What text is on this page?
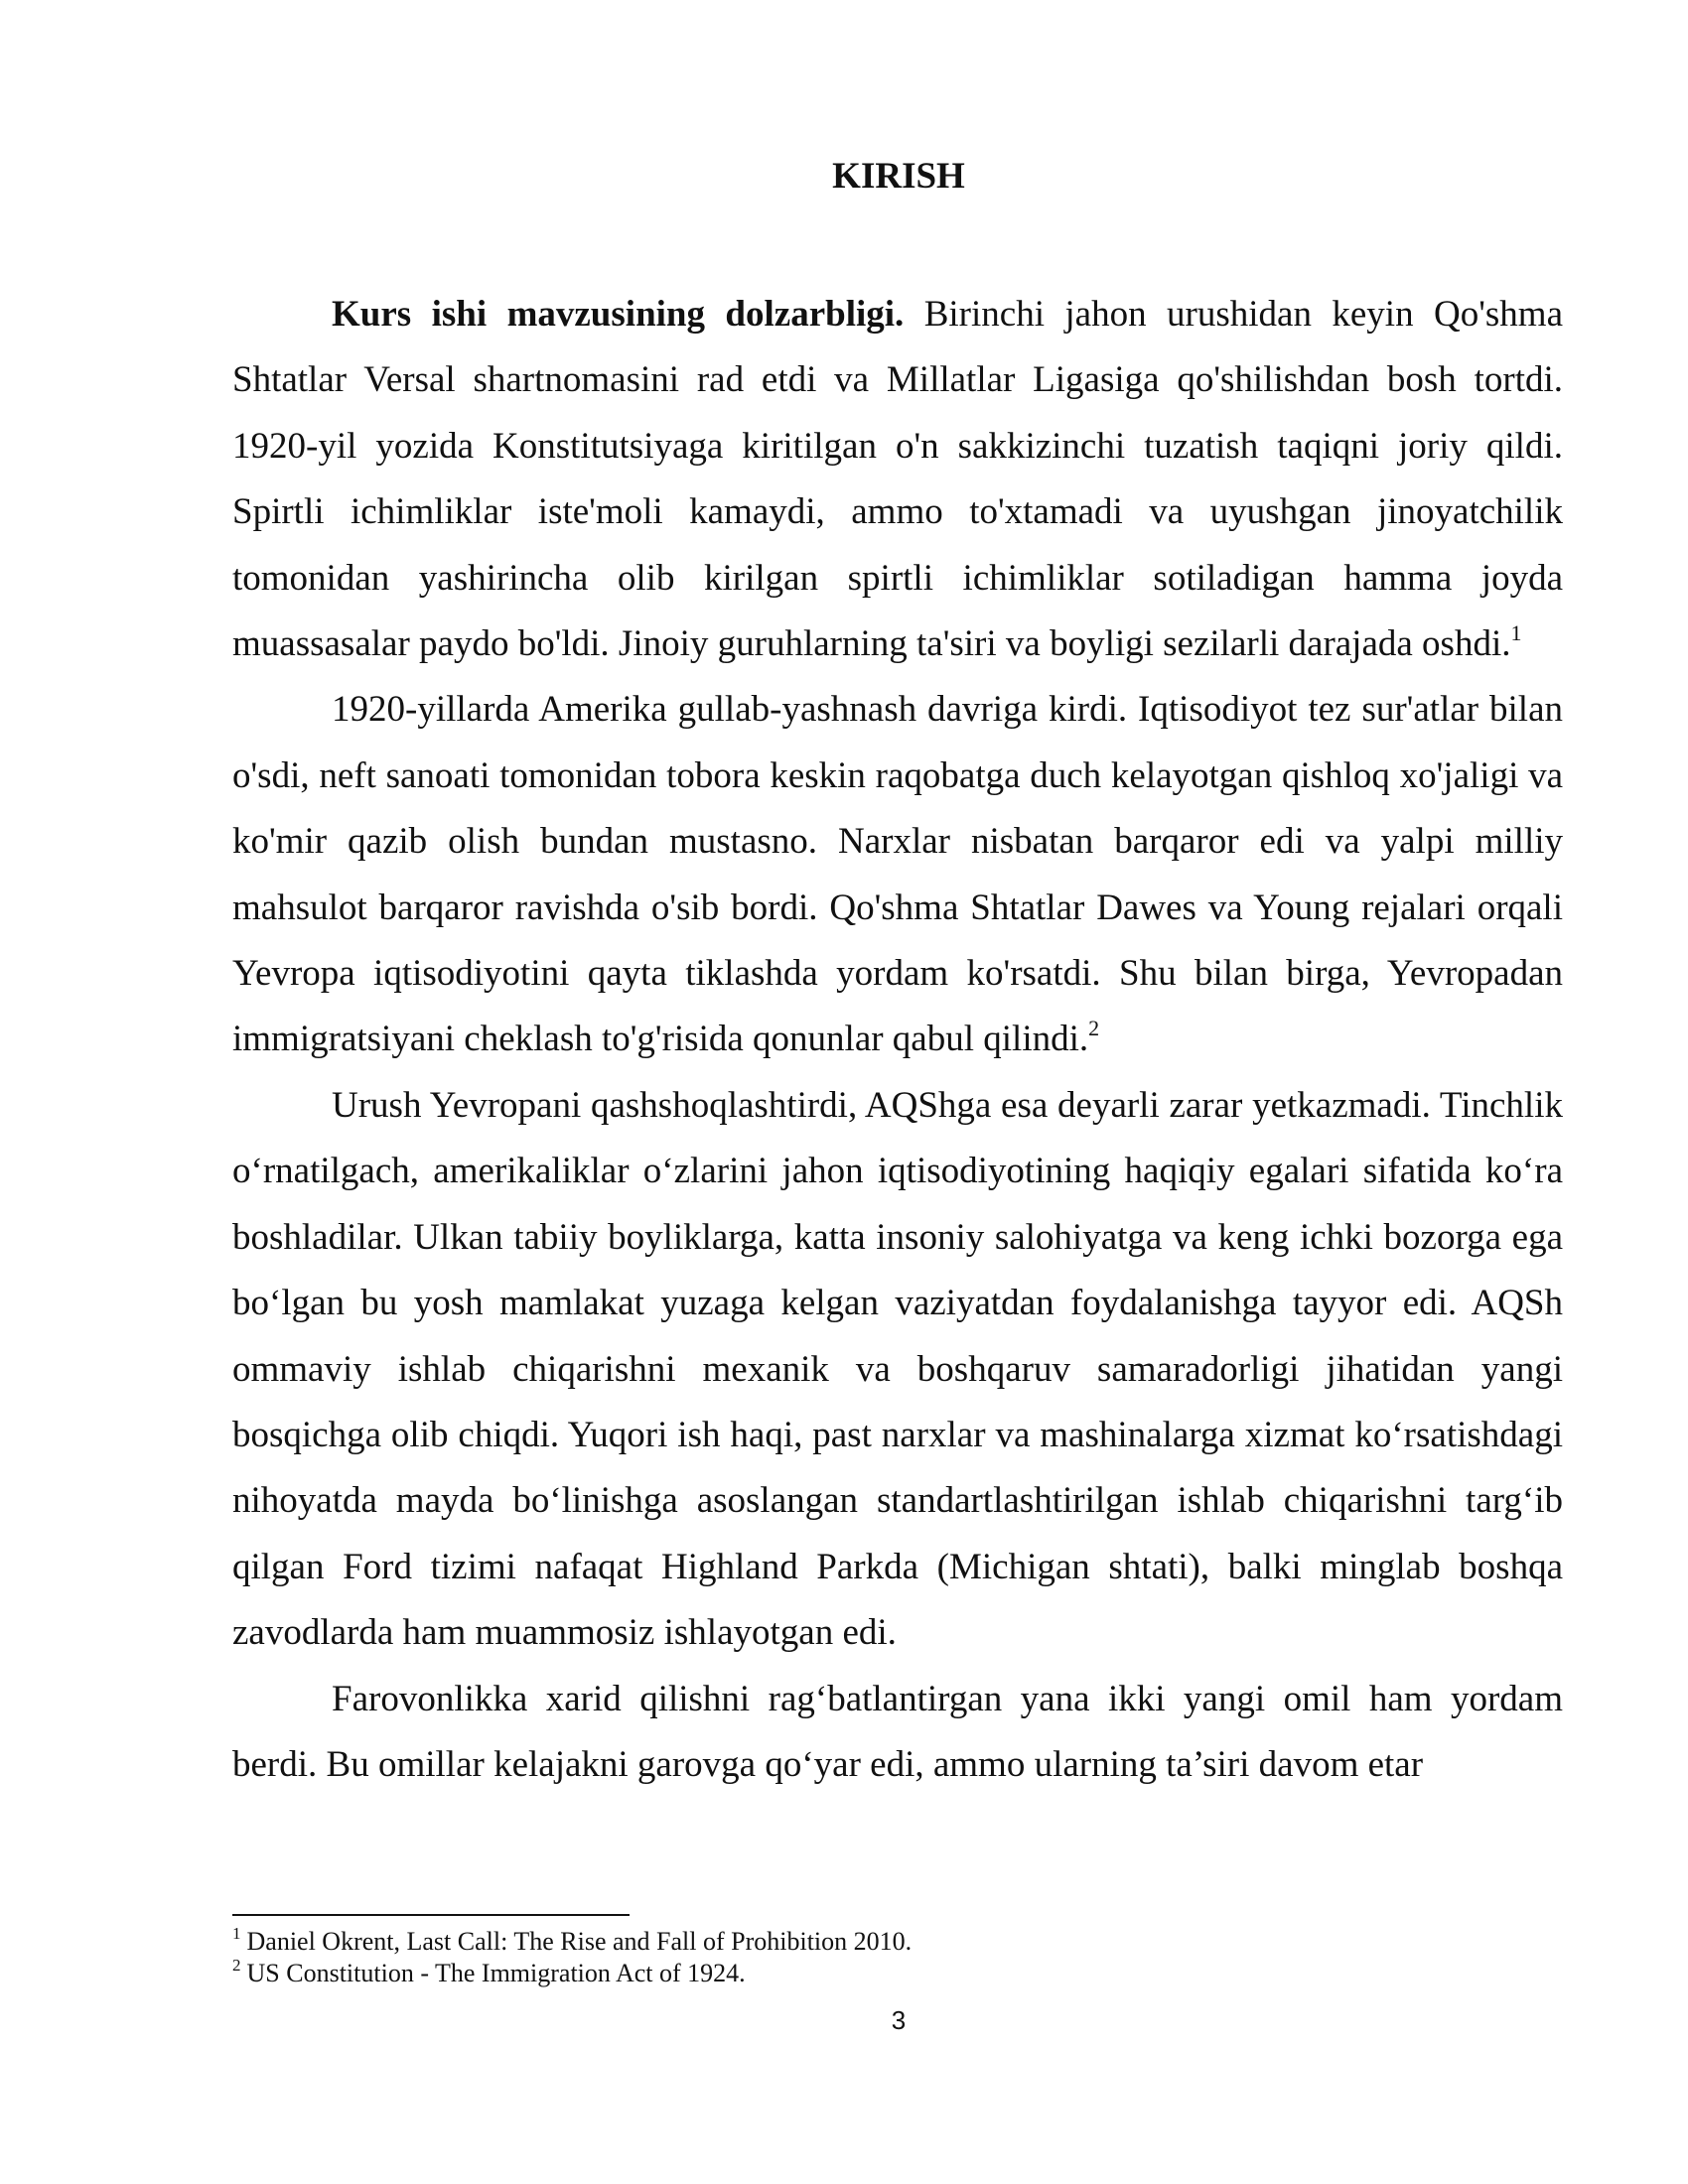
KIRISH

Kurs ishi mavzusining dolzarbligi. Birinchi jahon urushidan keyin Qo'shma Shtatlar Versal shartnomasini rad etdi va Millatlar Ligasiga qo'shilishdan bosh tortdi. 1920-yil yozida Konstitutsiyaga kiritilgan o'n sakkizinchi tuzatish taqiqni joriy qildi. Spirtli ichimliklar iste'moli kamaydi, ammo to'xtamadi va uyushgan jinoyatchilik tomonidan yashirincha olib kirilgan spirtli ichimliklar sotiladigan hamma joyda muassasalar paydo bo'ldi. Jinoiy guruhlarning ta'siri va boyligi sezilarli darajada oshdi.$^1$

1920-yillarda Amerika gullab-yashnash davriga kirdi. Iqtisodiyot tez sur'atlar bilan o'sdi, neft sanoati tomonidan tobora keskin raqobatga duch kelayotgan qishloq xo'jaligi va ko'mir qazib olish bundan mustasno. Narxlar nisbatan barqaror edi va yalpi milliy mahsulot barqaror ravishda o'sib bordi. Qo'shma Shtatlar Dawes va Young rejalari orqali Yevropa iqtisodiyotini qayta tiklashda yordam ko'rsatdi. Shu bilan birga, Yevropadan immigratsiyani cheklash to'g'risida qonunlar qabul qilindi.$^2$

Urush Yevropani qashshoqlashtirdi, AQShga esa deyarli zarar yetkazmadi. Tinchlik o‘rnatilgach, amerikaliklar o‘zlarini jahon iqtisodiyotining haqiqiy egalari sifatida ko‘ra boshladilar. Ulkan tabiiy boyliklarga, katta insoniy salohiyatga va keng ichki bozorga ega bo‘lgan bu yosh mamlakat yuzaga kelgan vaziyatdan foydalanishga tayyor edi. AQSh ommaviy ishlab chiqarishni mexanik va boshqaruv samaradorligi jihatidan yangi bosqichga olib chiqdi. Yuqori ish haqi, past narxlar va mashinalarga xizmat ko‘rsatishdagi nihoyatda mayda bo‘linishga asoslangan standartlashtirilgan ishlab chiqarishni targ‘ib qilgan Ford tizimi nafaqat Highland Parkda (Michigan shtati), balki minglab boshqa zavodlarda ham muammosiz ishlayotgan edi.

Farovonlikka xarid qilishni rag‘batlantirgan yana ikki yangi omil ham yordam berdi. Bu omillar kelajakni garovga qo‘yar edi, ammo ularning ta’siri davom etar

$^1$ Daniel Okrent, Last Call: The Rise and Fall of Prohibition 2010.

$^2$ US Constitution - The Immigration Act of 1924.

3
